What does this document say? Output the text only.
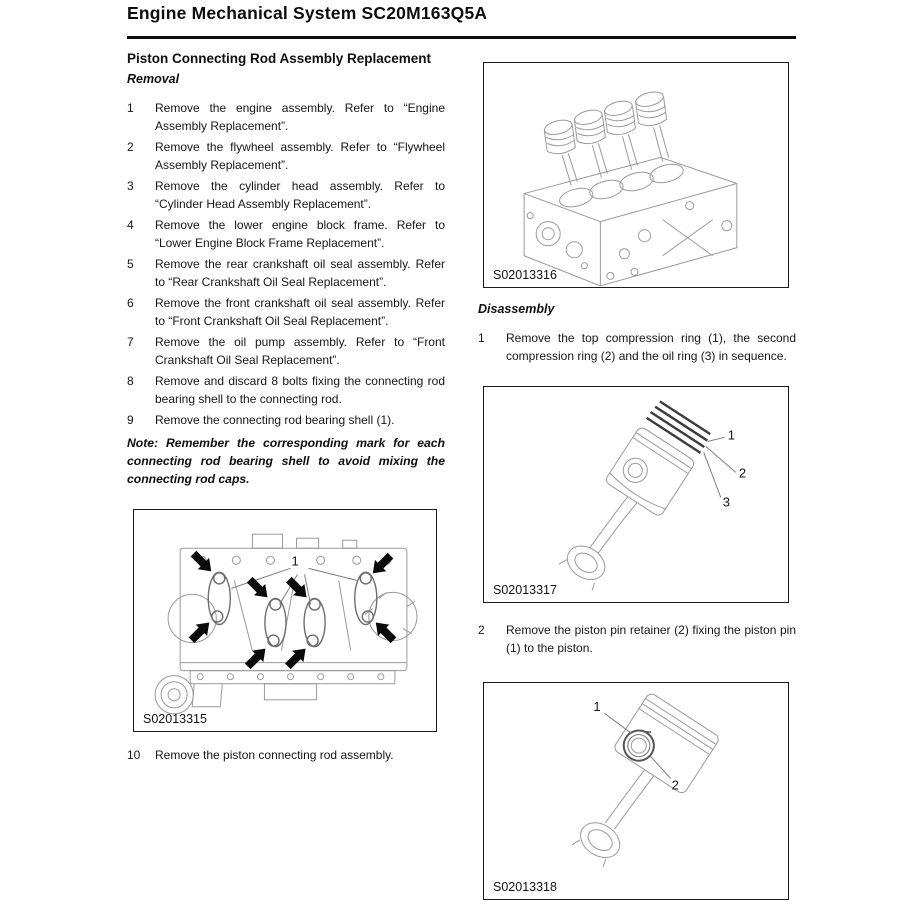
Engine Mechanical System SC20M163Q5A
Piston Connecting Rod Assembly Replacement
Removal
1	Remove the engine assembly. Refer to “Engine Assembly Replacement”.
2	Remove the flywheel assembly. Refer to “Flywheel Assembly Replacement”.
3	Remove the cylinder head assembly. Refer to “Cylinder Head Assembly Replacement”.
4	Remove the lower engine block frame. Refer to “Lower Engine Block Frame Replacement”.
5	Remove the rear crankshaft oil seal assembly. Refer to “Rear Crankshaft Oil Seal Replacement”.
6	Remove the front crankshaft oil seal assembly. Refer to “Front Crankshaft Oil Seal Replacement”.
7	Remove the oil pump assembly. Refer to “Front Crankshaft Oil Seal Replacement”.
8	Remove and discard 8 bolts fixing the connecting rod bearing shell to the connecting rod.
9	Remove the connecting rod bearing shell (1).

Note: Remember the corresponding mark for each connecting rod bearing shell to avoid mixing the connecting rod caps.

1
S02013315
10	Remove the piston connecting rod assembly.
S02013316
Disassembly
1	Remove the top compression ring (1), the second compression ring (2) and the oil ring (3) in sequence.
1
2
3
S02013317
2	Remove the piston pin retainer (2) fixing the piston pin (1) to the piston.
1
2
S02013318
